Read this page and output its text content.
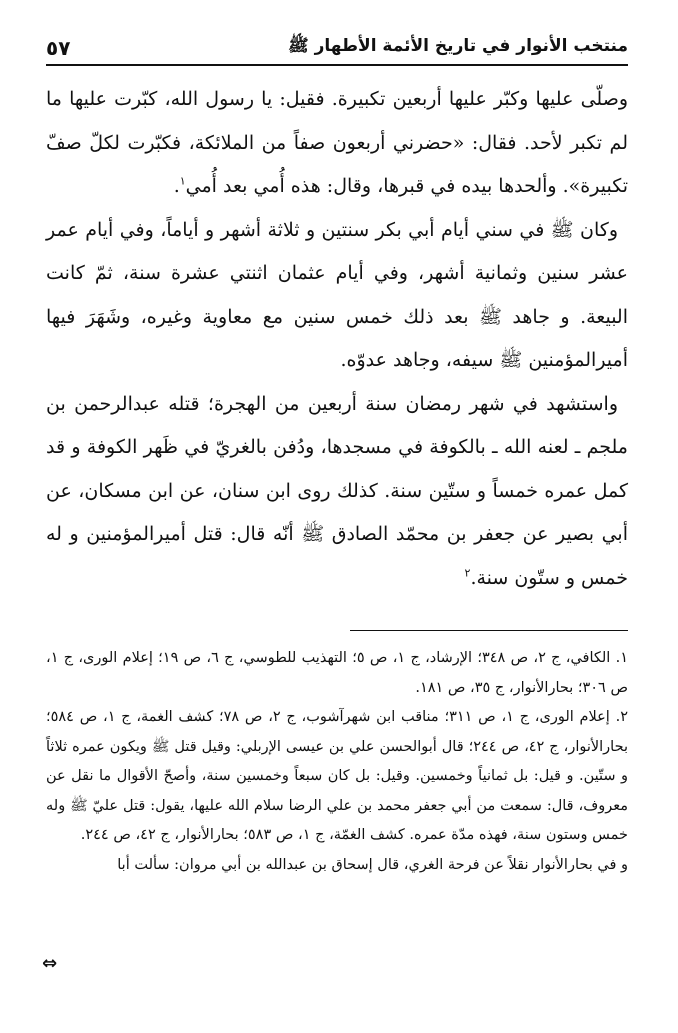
منتخب الأنوار في تاريخ الأئمة الأطهار ﷺ
٥٧

وصلّى عليها وكبّر عليها أربعين تكبيرة. فقيل: يا رسول الله، كبّرت عليها ما لم تكبر لأحد. فقال: «حضرني أربعون صفاً من الملائكة، فكبّرت لكلّ صفّ تكبيرة». وألحدها بيده في قبرها، وقال: هذه أُمي بعد أُمي$^١$.

وكان ﷺ في سني أيام أبي بكر سنتين و ثلاثة أشهر و أياماً، وفي أيام عمر عشر سنين وثمانية أشهر، وفي أيام عثمان اثنتي عشرة سنة، ثمّ كانت البيعة. و جاهد ﷺ بعد ذلك خمس سنين مع معاوية وغيره، وشَهَرَ فيها أميرالمؤمنين ﷺ سيفه، وجاهد عدوّه.

واستشهد في شهر رمضان سنة أربعين من الهجرة؛ قتله عبدالرحمن بن ملجم ـ لعنه الله ـ بالكوفة في مسجدها، ودُفن بالغريّ في ظَهر الكوفة و قد كمل عمره خمساً و ستّين سنة. كذلك روى ابن سنان، عن ابن مسكان، عن أبي بصير عن جعفر بن محمّد الصادق ﷺ أنّه قال: قتل أميرالمؤمنين و له خمس و ستّون سنة.$^٢$

١. الكافي، ج ٢، ص ٣٤٨؛ الإرشاد، ج ١، ص ٥؛ التهذيب للطوسي، ج ٦، ص ١٩؛ إعلام الورى، ج ١، ص ٣٠٦؛ بحارالأنوار، ج ٣٥، ص ١٨١.

٢. إعلام الورى، ج ١، ص ٣١١؛ مناقب ابن شهرآشوب، ج ٢، ص ٧٨؛ كشف الغمة، ج ١، ص ٥٨٤؛ بحارالأنوار، ج ٤٢، ص ٢٤٤؛ قال أبوالحسن علي بن عيسى الإربلي: وقيل قتل ﷺ ويكون عمره ثلاثاً و ستّين. و قيل: بل ثمانياً وخمسين. وقيل: بل كان سبعاً وخمسين سنة، وأصحّ الأقوال ما نقل عن معروف، قال: سمعت من أبي جعفر محمد بن علي الرضا سلام الله عليها، يقول: قتل عليّ ﷺ وله خمس وستون سنة، فهذه مدّة عمره. كشف الغمّة، ج ١، ص ٥٨٣؛ بحارالأنوار، ج ٤٢، ص ٢٤٤.

و في بحارالأنوار نقلاً عن فرحة الغري، قال إسحاق بن عبدالله بن أبي مروان: سألت أبا

⇔
